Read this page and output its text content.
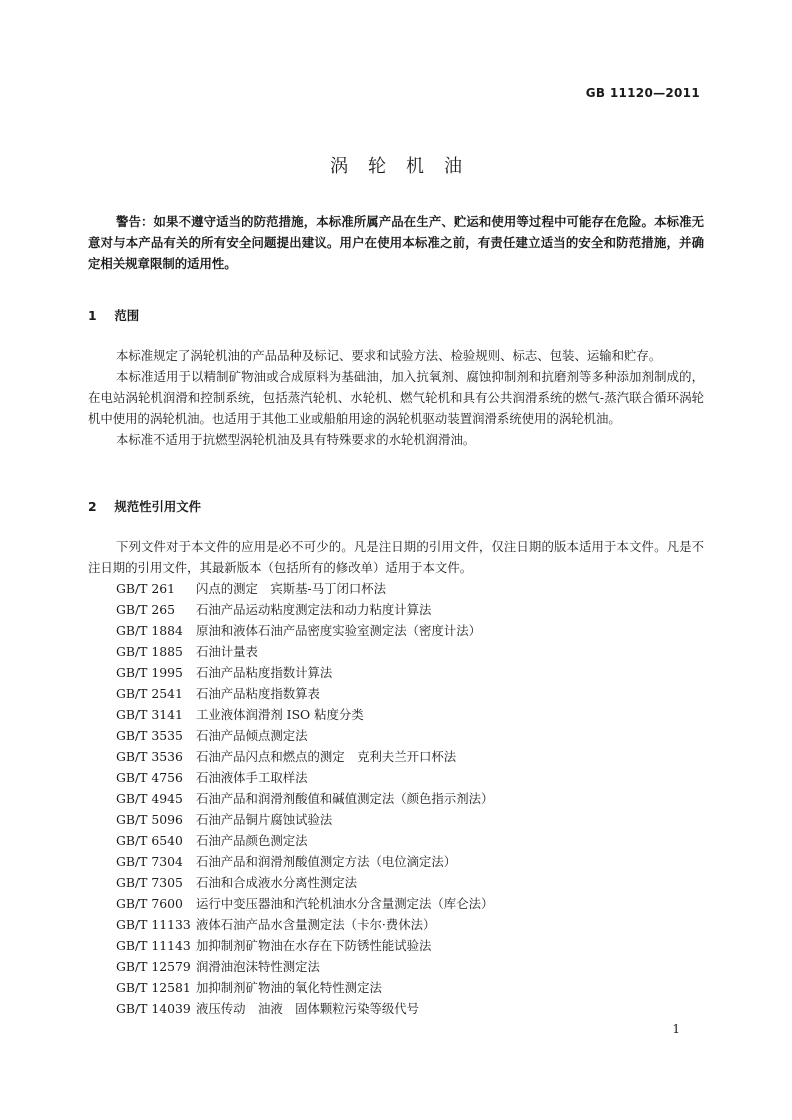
GB 11120—2011
涡轮机油
警告：如果不遵守适当的防范措施，本标准所属产品在生产、贮运和使用等过程中可能存在危险。本标准无意对与本产品有关的所有安全问题提出建议。用户在使用本标准之前，有责任建立适当的安全和防范措施，并确定相关规章限制的适用性。
1 范围

本标准规定了涡轮机油的产品品种及标记、要求和试验方法、检验规则、标志、包装、运输和贮存。

本标准适用于以精制矿物油或合成原料为基础油，加入抗氧剂、腐蚀抑制剂和抗磨剂等多种添加剂制成的，在电站涡轮机润滑和控制系统，包括蒸汽轮机、水轮机、燃气轮机和具有公共润滑系统的燃气-蒸汽联合循环涡轮机中使用的涡轮机油。也适用于其他工业或船舶用途的涡轮机驱动装置润滑系统使用的涡轮机油。

本标准不适用于抗燃型涡轮机油及具有特殊要求的水轮机润滑油。

2 规范性引用文件

下列文件对于本文件的应用是必不可少的。凡是注日期的引用文件，仅注日期的版本适用于本文件。凡是不注日期的引用文件，其最新版本（包括所有的修改单）适用于本文件。

GB/T 261 闪点的测定　宾斯基-马丁闭口杯法
GB/T 265 石油产品运动粘度测定法和动力粘度计算法
GB/T 1884 原油和液体石油产品密度实验室测定法（密度计法）
GB/T 1885 石油计量表
GB/T 1995 石油产品粘度指数计算法
GB/T 2541 石油产品粘度指数算表
GB/T 3141 工业液体润滑剂 ISO 粘度分类
GB/T 3535 石油产品倾点测定法
GB/T 3536 石油产品闪点和燃点的测定　克利夫兰开口杯法
GB/T 4756 石油液体手工取样法
GB/T 4945 石油产品和润滑剂酸值和碱值测定法（颜色指示剂法）
GB/T 5096 石油产品铜片腐蚀试验法
GB/T 6540 石油产品颜色测定法
GB/T 7304 石油产品和润滑剂酸值测定方法（电位滴定法）
GB/T 7305 石油和合成液水分离性测定法
GB/T 7600 运行中变压器油和汽轮机油水分含量测定法（库仑法）
GB/T 11133 液体石油产品水含量测定法（卡尔·费休法）
GB/T 11143 加抑制剂矿物油在水存在下防锈性能试验法
GB/T 12579 润滑油泡沫特性测定法
GB/T 12581 加抑制剂矿物油的氧化特性测定法
GB/T 14039 液压传动　油液　固体颗粒污染等级代号
1
